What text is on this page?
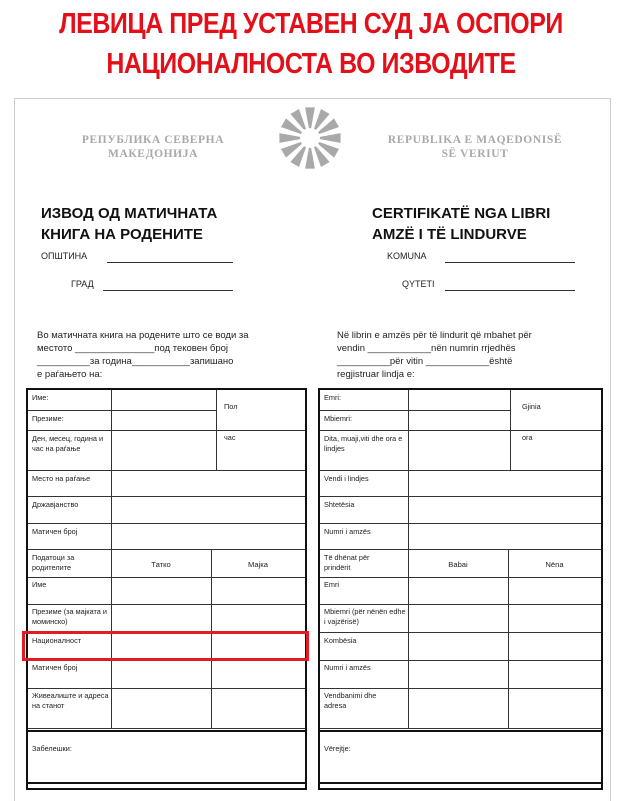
ЛЕВИЦА ПРЕД УСТАВЕН СУД ЈА ОСПОРИ
НАЦИОНАЛНОСТА ВО ИЗВОДИТЕ
РЕПУБЛИКА СЕВЕРНА
МАКЕДОНИЈА
REPUBLIKA E MAQEDONISË
SË VERIUT
ИЗВОД ОД МАТИЧНАТА
КНИГА НА РОДЕНИТЕ
CERTIFIKATË NGA LIBRI
AMZË I TË LINDURVE
ОПШТИНА
ГРАД
KOMUNA
QYTETI
Во матичната книга на родените што се води за
местото _______________под тековен број
__________за година___________запишано
е раѓањето на:
Në librin e amzës për të lindurit që mbahet për
vendin ____________nën numrin rrjedhës
__________për vitin ____________është
regjistruar lindja e:
Име:
Презиме:
Пол
Ден, месец, година и час на раѓање
час
Место на раѓање
Државјанство
Матичен број
Податоци за родителите	Татко	Мајка
Име
Презиме (за мајката и моминско)
Националност
Матичен број
Живеалиште и адреса на станот
Emri:
Mbiemri:
Gjinia
Dita, muaji,viti dhe ora e lindjes
ora
Vendi i lindjes
Shtetësia
Numri i amzës
Të dhënat për prindërit	Babai	Nëna
Emri
Mbiemri (për nënën edhe i vajzërisë)
Kombësia
Numri i amzës
Vendbanimi dhe adresa
Забелешки:	Vërejtje:
